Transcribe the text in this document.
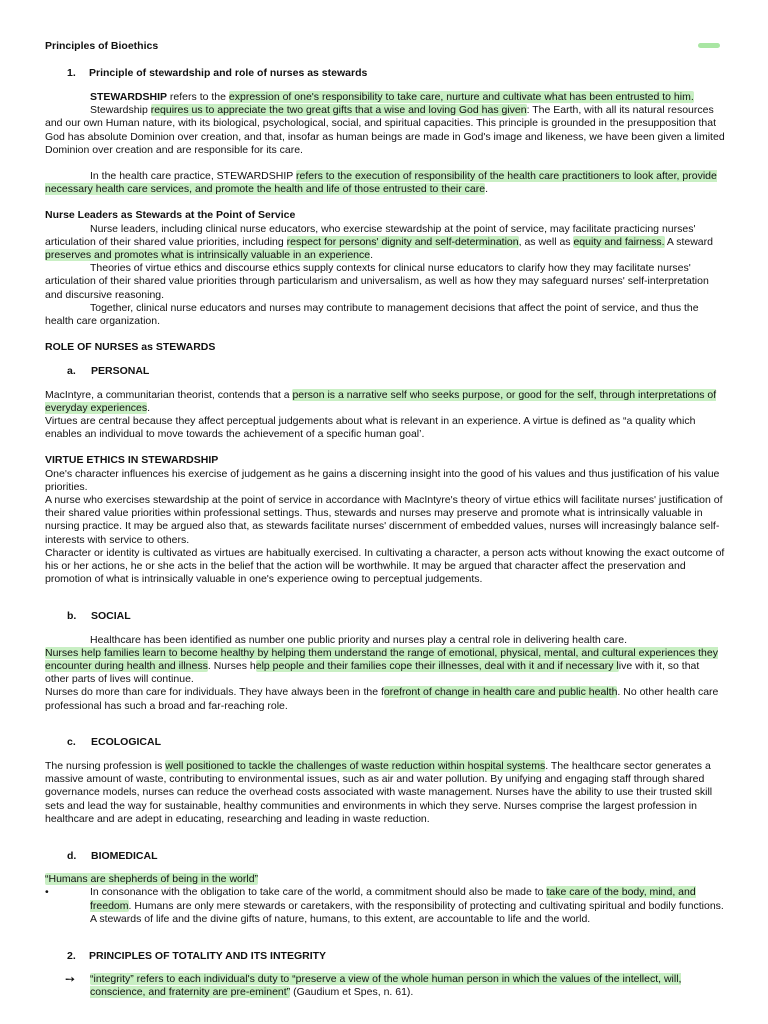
Principles of Bioethics

1. Principle of stewardship and role of nurses as stewards

STEWARDSHIP refers to the expression of one's responsibility to take care, nurture and cultivate what has been entrusted to him.

Stewardship requires us to appreciate the two great gifts that a wise and loving God has given: The Earth, with all its natural resources and our own Human nature, with its biological, psychological, social, and spiritual capacities. This principle is grounded in the presupposition that God has absolute Dominion over creation, and that, insofar as human beings are made in God's image and likeness, we have been given a limited Dominion over creation and are responsible for its care.

In the health care practice, STEWARDSHIP refers to the execution of responsibility of the health care practitioners to look after, provide necessary health care services, and promote the health and life of those entrusted to their care.

Nurse Leaders as Stewards at the Point of Service

Nurse leaders, including clinical nurse educators, who exercise stewardship at the point of service, may facilitate practicing nurses' articulation of their shared value priorities, including respect for persons' dignity and self-determination, as well as equity and fairness. A steward preserves and promotes what is intrinsically valuable in an experience.

Theories of virtue ethics and discourse ethics supply contexts for clinical nurse educators to clarify how they may facilitate nurses' articulation of their shared value priorities through particularism and universalism, as well as how they may safeguard nurses' self-interpretation and discursive reasoning.

Together, clinical nurse educators and nurses may contribute to management decisions that affect the point of service, and thus the health care organization.

ROLE OF NURSES as STEWARDS

a. PERSONAL

MacIntyre, a communitarian theorist, contends that a person is a narrative self who seeks purpose, or good for the self, through interpretations of everyday experiences.

Virtues are central because they affect perceptual judgements about what is relevant in an experience. A virtue is defined as “a quality which enables an individual to move towards the achievement of a specific human goal’.

VIRTUE ETHICS IN STEWARDSHIP

One's character influences his exercise of judgement as he gains a discerning insight into the good of his values and thus justification of his value priorities.

A nurse who exercises stewardship at the point of service in accordance with MacIntyre's theory of virtue ethics will facilitate nurses' justification of their shared value priorities within professional settings. Thus, stewards and nurses may preserve and promote what is intrinsically valuable in nursing practice. It may be argued also that, as stewards facilitate nurses' discernment of embedded values, nurses will increasingly balance self-interests with service to others.

Character or identity is cultivated as virtues are habitually exercised. In cultivating a character, a person acts without knowing the exact outcome of his or her actions, he or she acts in the belief that the action will be worthwhile. It may be argued that character affect the preservation and promotion of what is intrinsically valuable in one's experience owing to perceptual judgements.

b. SOCIAL

Healthcare has been identified as number one public priority and nurses play a central role in delivering health care.

Nurses help families learn to become healthy by helping them understand the range of emotional, physical, mental, and cultural experiences they encounter during health and illness. Nurses help people and their families cope their illnesses, deal with it and if necessary live with it, so that other parts of lives will continue.

Nurses do more than care for individuals. They have always been in the forefront of change in health care and public health. No other health care professional has such a broad and far-reaching role.

c. ECOLOGICAL

The nursing profession is well positioned to tackle the challenges of waste reduction within hospital systems. The healthcare sector generates a massive amount of waste, contributing to environmental issues, such as air and water pollution. By unifying and engaging staff through shared governance models, nurses can reduce the overhead costs associated with waste management. Nurses have the ability to use their trusted skill sets and lead the way for sustainable, healthy communities and environments in which they serve. Nurses comprise the largest profession in healthcare and are adept in educating, researching and leading in waste reduction.

d. BIOMEDICAL

“Humans are shepherds of being in the world”

•	In consonance with the obligation to take care of the world, a commitment should also be made to take care of the body, mind, and freedom. Humans are only mere stewards or caretakers, with the responsibility of protecting and cultivating spiritual and bodily functions. A stewards of life and the divine gifts of nature, humans, to this extent, are accountable to life and the world.

2. PRINCIPLES OF TOTALITY AND ITS INTEGRITY

➙	“integrity” refers to each individual's duty to “preserve a view of the whole human person in which the values of the intellect, will, conscience, and fraternity are pre-eminent” (Gaudium et Spes, n. 61).
